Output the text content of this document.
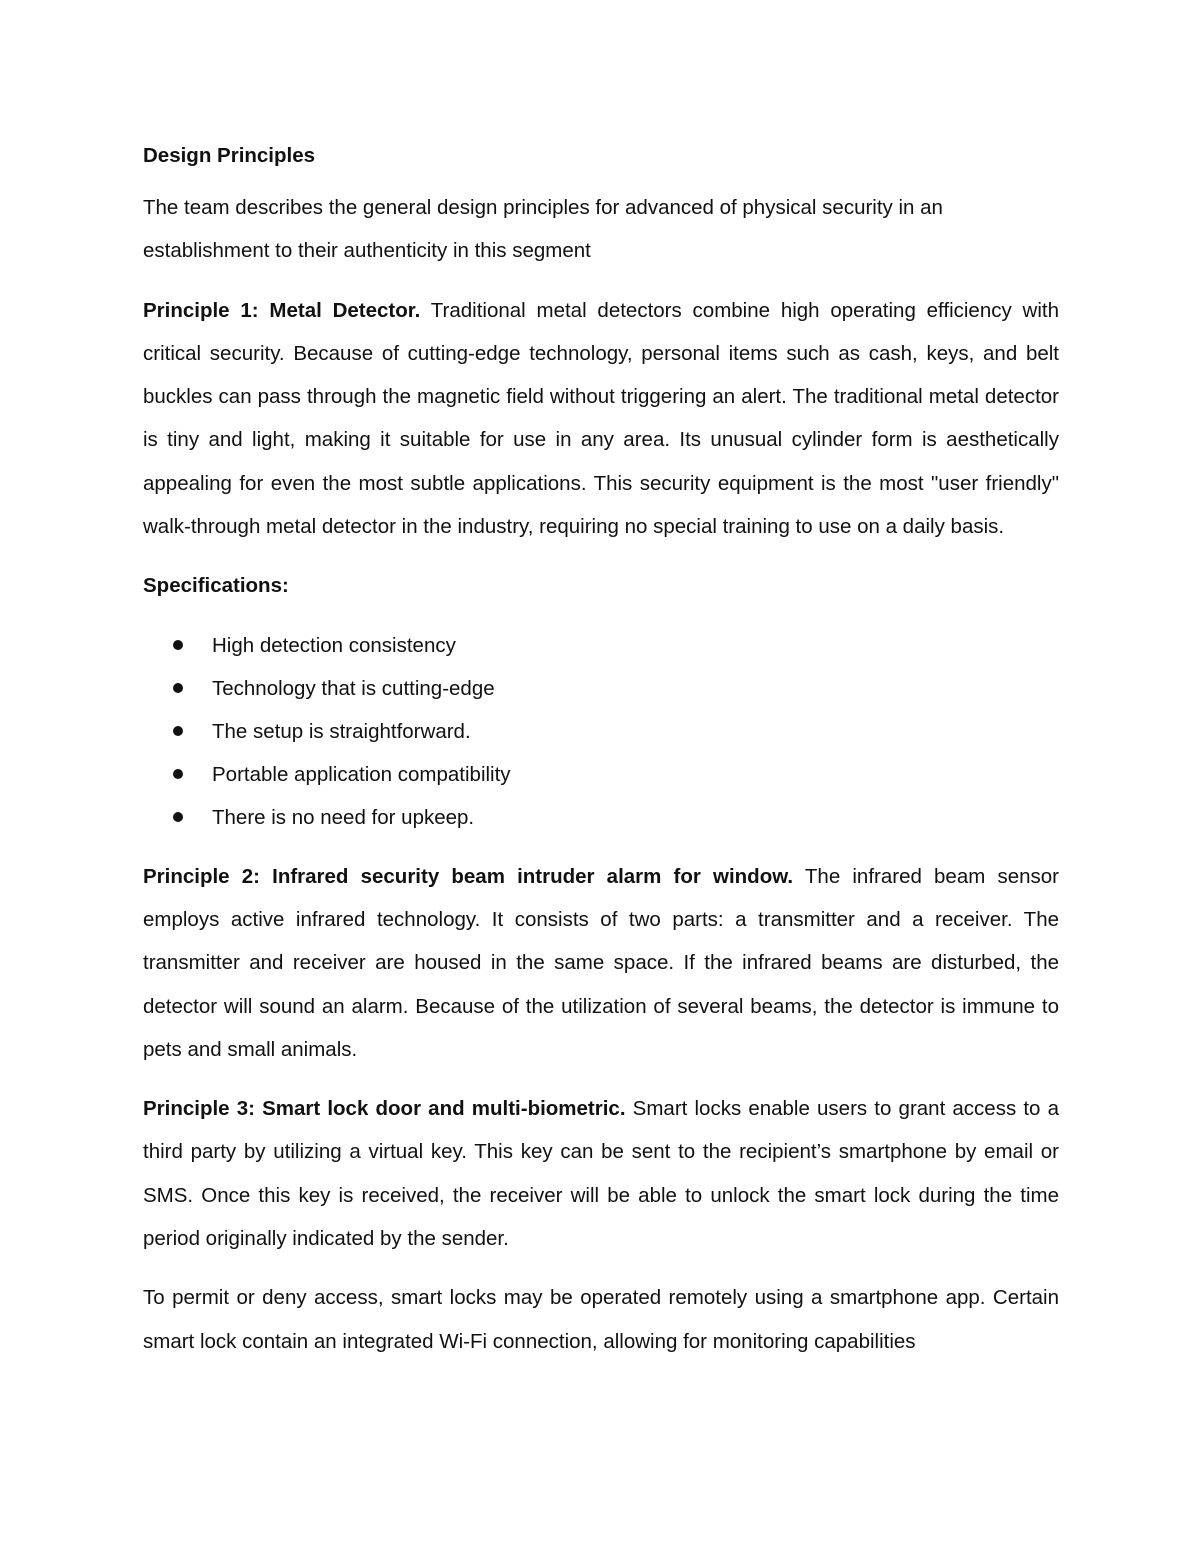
Design Principles

The team describes the general design principles for advanced of physical security in an establishment to their authenticity in this segment

Principle 1: Metal Detector. Traditional metal detectors combine high operating efficiency with critical security. Because of cutting-edge technology, personal items such as cash, keys, and belt buckles can pass through the magnetic field without triggering an alert. The traditional metal detector is tiny and light, making it suitable for use in any area. Its unusual cylinder form is aesthetically appealing for even the most subtle applications. This security equipment is the most "user friendly" walk-through metal detector in the industry, requiring no special training to use on a daily basis.

Specifications:
High detection consistency
Technology that is cutting-edge
The setup is straightforward.
Portable application compatibility
There is no need for upkeep.

Principle 2: Infrared security beam intruder alarm for window. The infrared beam sensor employs active infrared technology. It consists of two parts: a transmitter and a receiver. The transmitter and receiver are housed in the same space. If the infrared beams are disturbed, the detector will sound an alarm. Because of the utilization of several beams, the detector is immune to pets and small animals.

Principle 3: Smart lock door and multi-biometric. Smart locks enable users to grant access to a third party by utilizing a virtual key. This key can be sent to the recipient’s smartphone by email or SMS. Once this key is received, the receiver will be able to unlock the smart lock during the time period originally indicated by the sender.

To permit or deny access, smart locks may be operated remotely using a smartphone app. Certain smart lock contain an integrated Wi-Fi connection, allowing for monitoring capabilities
